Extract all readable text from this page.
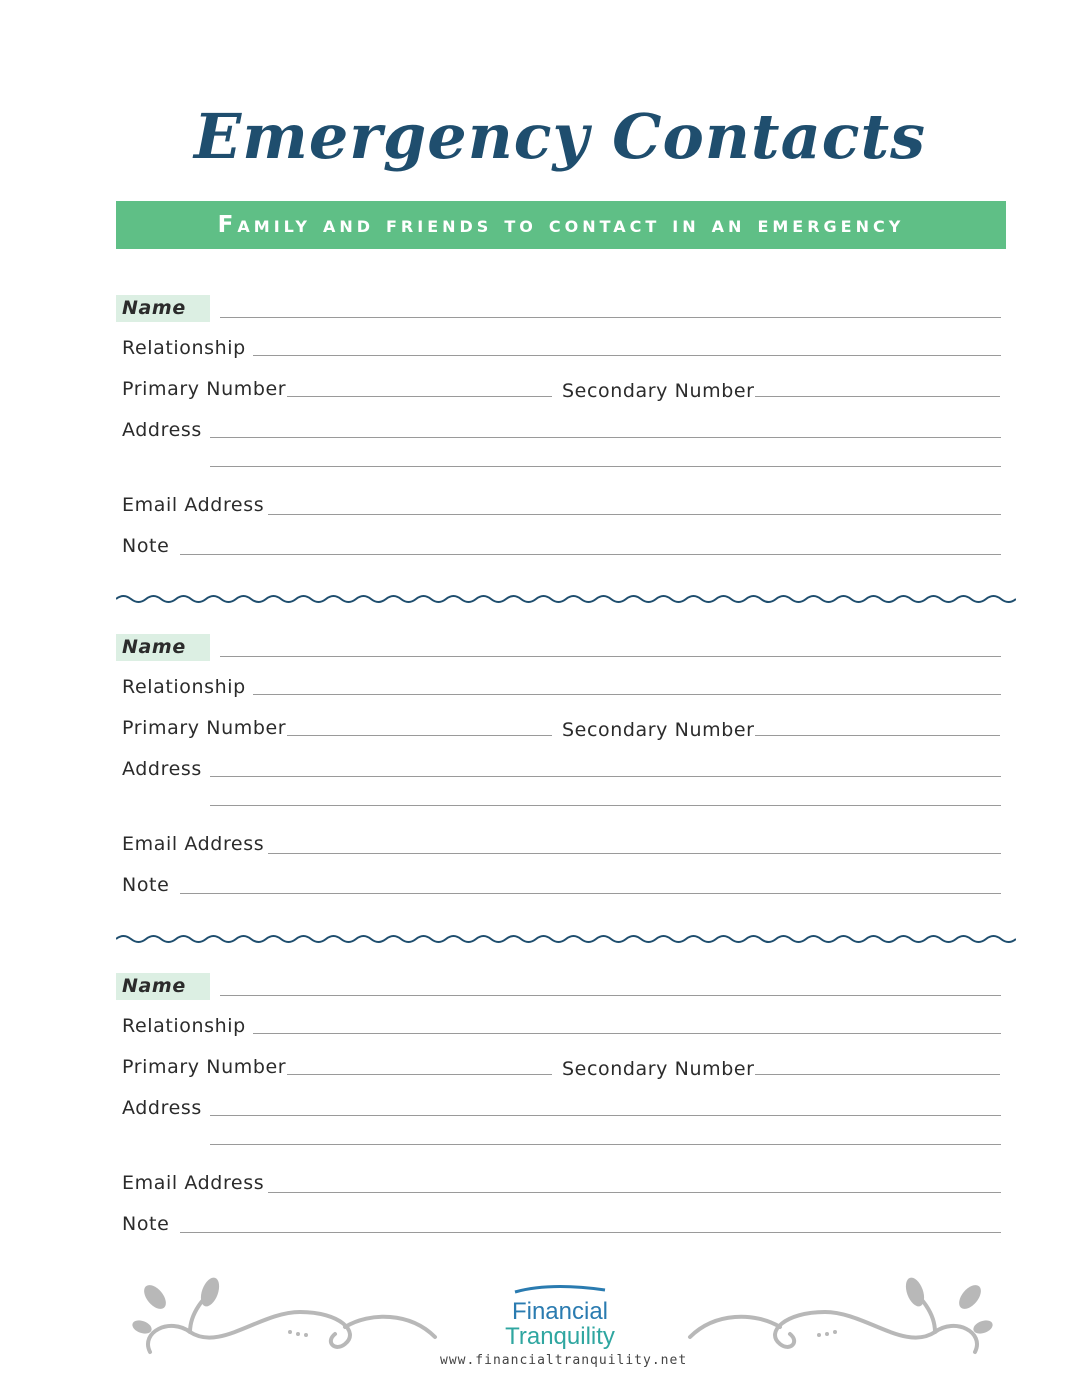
Emergency Contacts
Family and friends to contact in an emergency
Name
Relationship
Primary Number	Secondary Number
Address
Email Address
Note
Name
Relationship
Primary Number	Secondary Number
Address
Email Address
Note
Name
Relationship
Primary Number	Secondary Number
Address
Email Address
Note
Financial
Tranquility
www.financialtranquility.net
